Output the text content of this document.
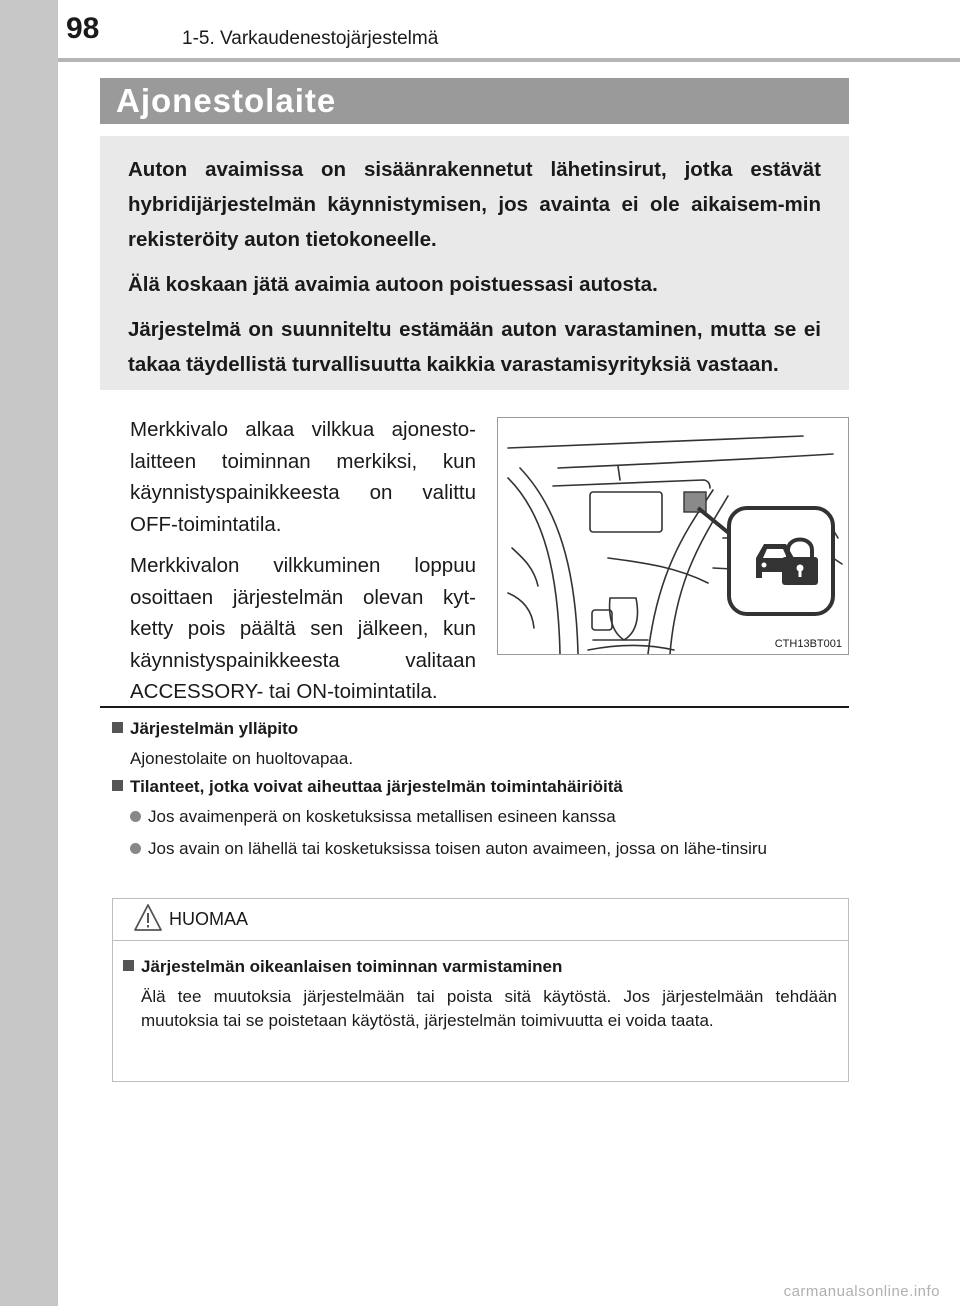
98	1-5. Varkaudenestojärjestelmä
Ajonestolaite

Auton avaimissa on sisäänrakennetut lähetinsirut, jotka estävät hybridijärjestelmän käynnistymisen, jos avainta ei ole aikaisem-min rekisteröity auton tietokoneelle.

Älä koskaan jätä avaimia autoon poistuessasi autosta.

Järjestelmä on suunniteltu estämään auton varastaminen, mutta se ei takaa täydellistä turvallisuutta kaikkia varastamisyrityksiä vastaan.

Merkkivalo alkaa vilkkua ajonesto-laitteen toiminnan merkiksi, kun käynnistyspainikkeesta on valittu OFF-toimintatila.

Merkkivalon vilkkuminen loppuu osoittaen järjestelmän olevan kyt-ketty pois päältä sen jälkeen, kun käynnistyspainikkeesta valitaan ACCESSORY- tai ON-toimintatila.

CTH13BT001
Järjestelmän ylläpito
Ajonestolaite on huoltovapaa.
Tilanteet, jotka voivat aiheuttaa järjestelmän toimintahäiriöitä
Jos avaimenperä on kosketuksissa metallisen esineen kanssa
Jos avain on lähellä tai kosketuksissa toisen auton avaimeen, jossa on lähe-tinsiru
HUOMAA
Järjestelmän oikeanlaisen toiminnan varmistaminen
Älä tee muutoksia järjestelmään tai poista sitä käytöstä. Jos järjestelmään tehdään muutoksia tai se poistetaan käytöstä, järjestelmän toimivuutta ei voida taata.
carmanualsonline.info
